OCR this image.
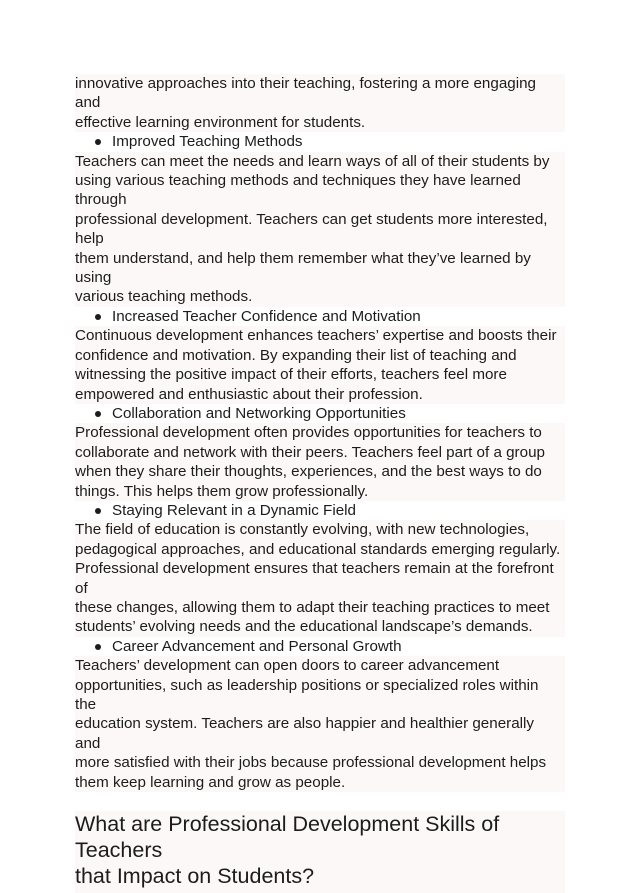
innovative approaches into their teaching, fostering a more engaging and
effective learning environment for students.
Improved Teaching Methods
Teachers can meet the needs and learn ways of all of their students by
using various teaching methods and techniques they have learned through
professional development. Teachers can get students more interested, help
them understand, and help them remember what they’ve learned by using
various teaching methods.
Increased Teacher Confidence and Motivation
Continuous development enhances teachers’ expertise and boosts their
confidence and motivation. By expanding their list of teaching and
witnessing the positive impact of their efforts, teachers feel more
empowered and enthusiastic about their profession.
Collaboration and Networking Opportunities
Professional development often provides opportunities for teachers to
collaborate and network with their peers. Teachers feel part of a group
when they share their thoughts, experiences, and the best ways to do
things. This helps them grow professionally.
Staying Relevant in a Dynamic Field
The field of education is constantly evolving, with new technologies,
pedagogical approaches, and educational standards emerging regularly.
Professional development ensures that teachers remain at the forefront of
these changes, allowing them to adapt their teaching practices to meet
students’ evolving needs and the educational landscape’s demands.
Career Advancement and Personal Growth
Teachers’ development can open doors to career advancement
opportunities, such as leadership positions or specialized roles within the
education system. Teachers are also happier and healthier generally and
more satisfied with their jobs because professional development helps
them keep learning and grow as people.
What are Professional Development Skills of Teachers
that Impact on Students?
